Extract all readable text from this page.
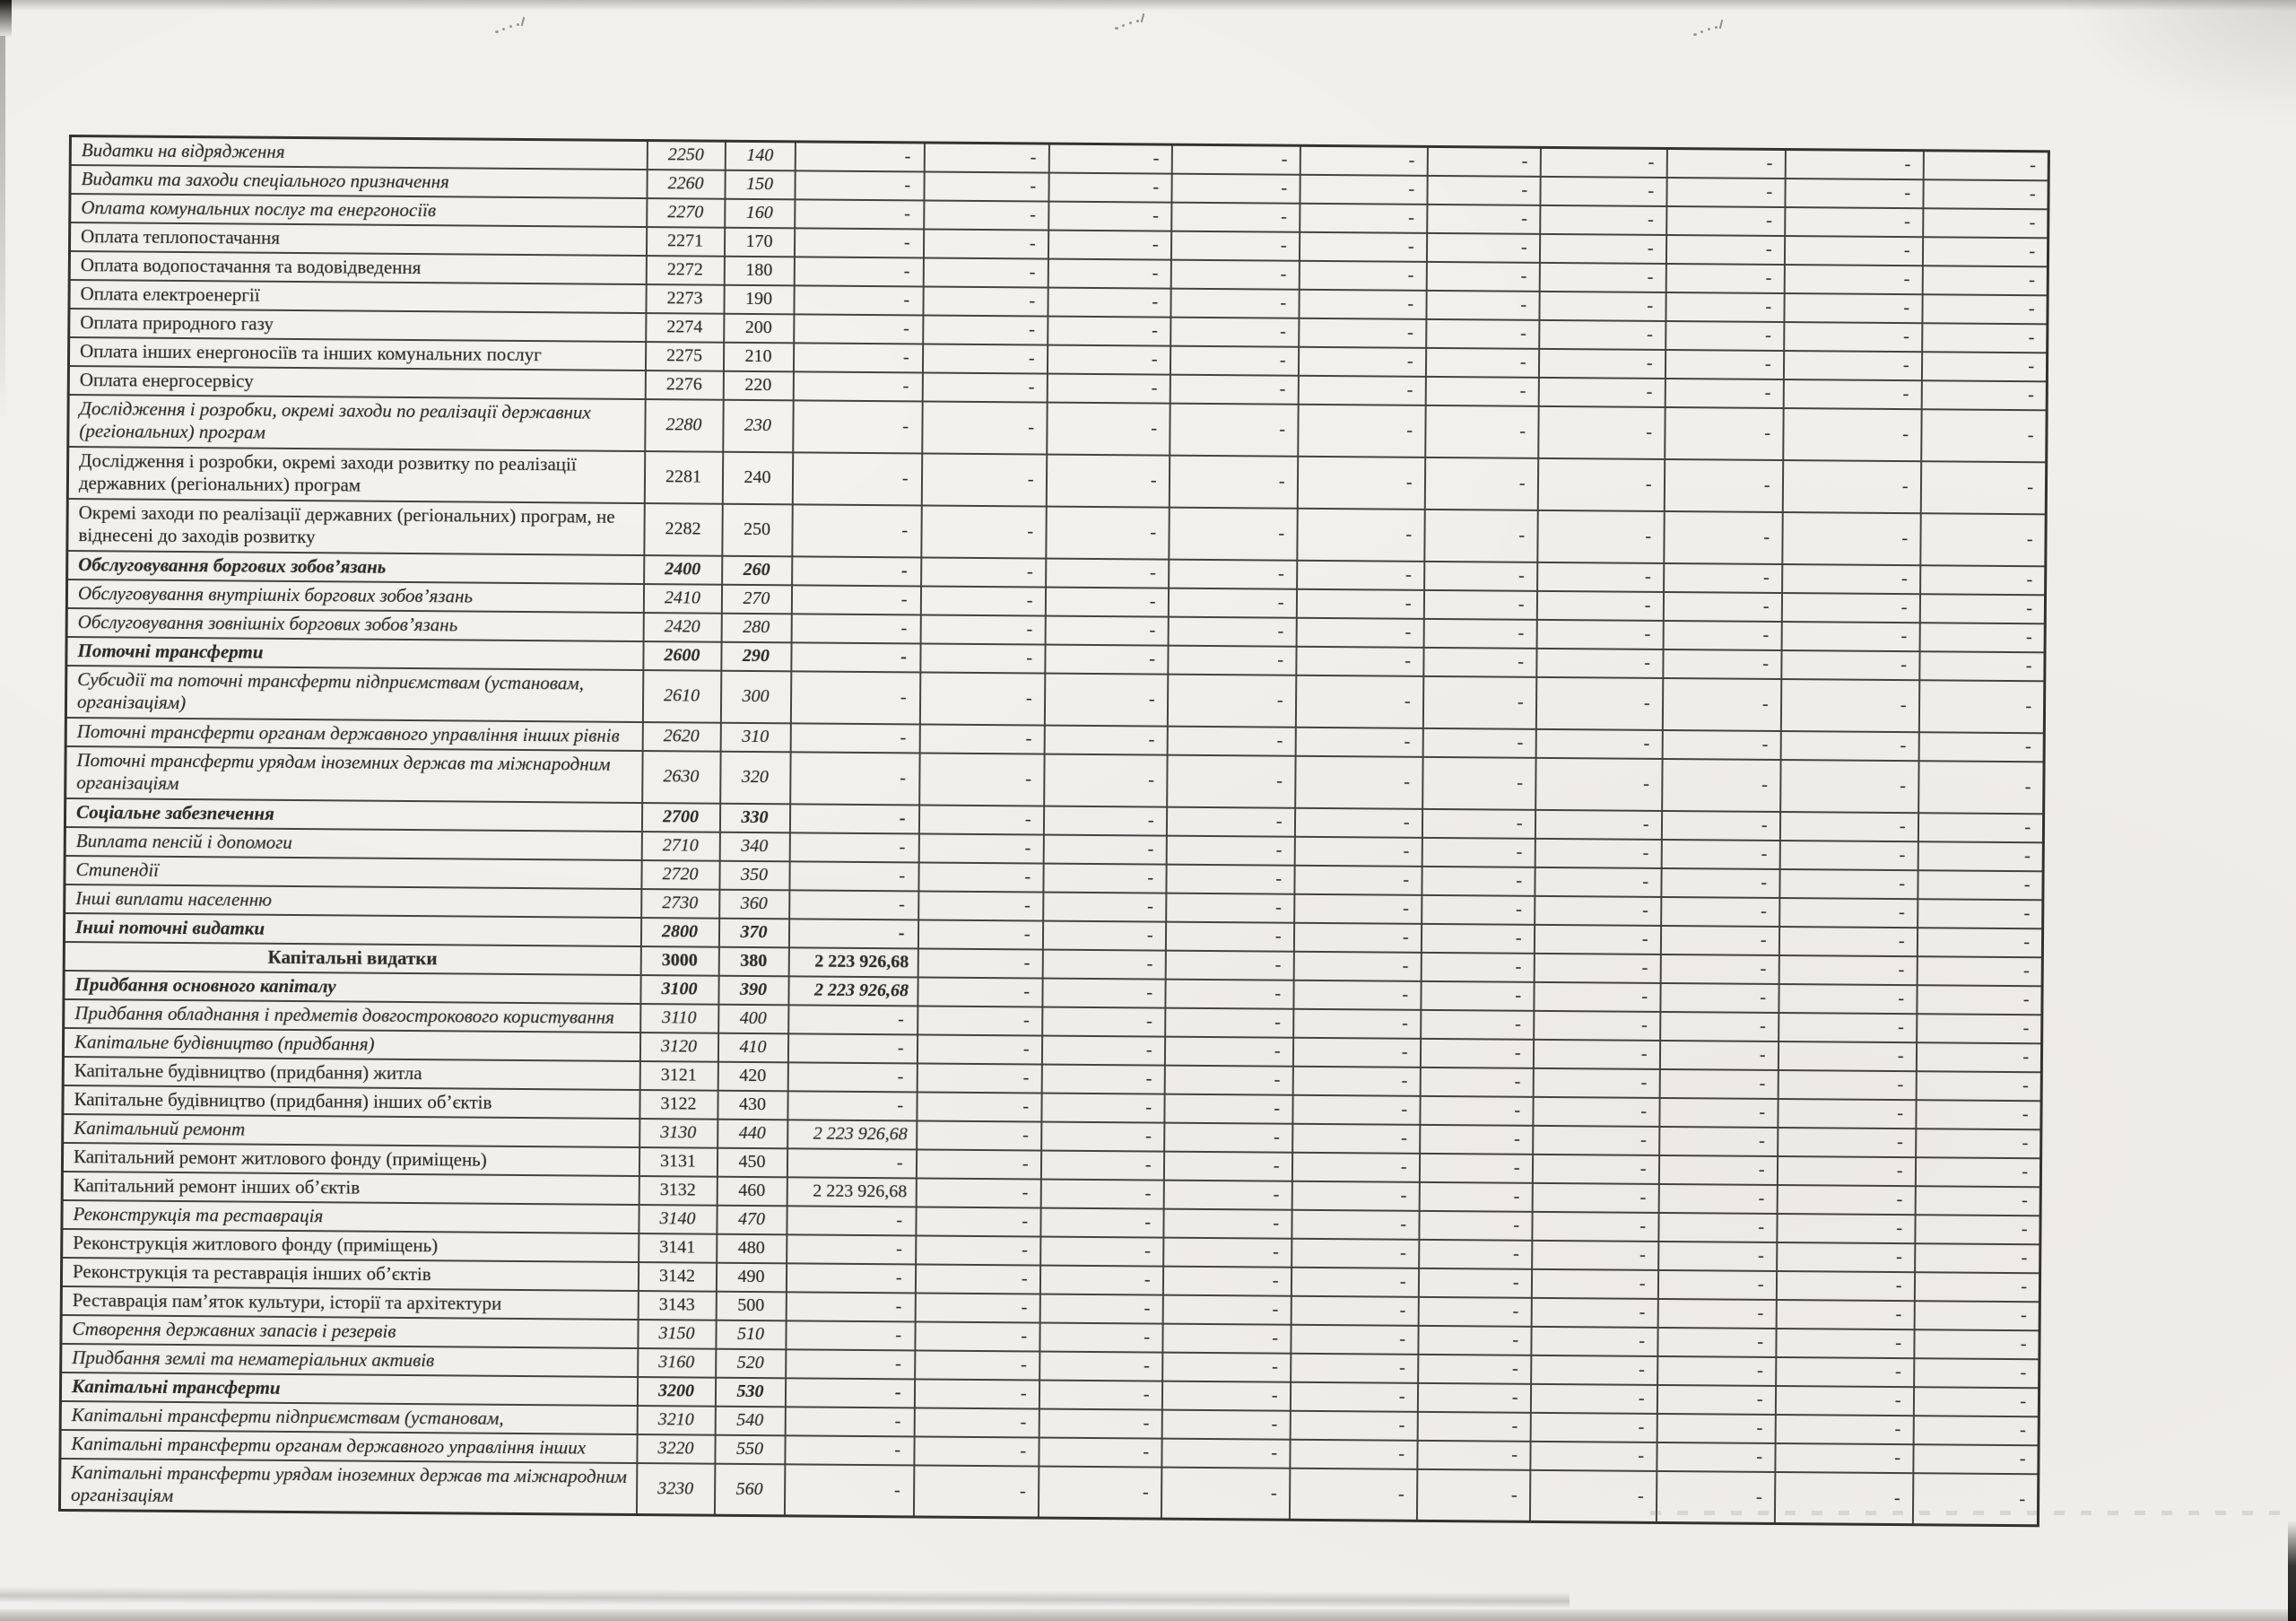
Видатки на відрядження	2250	140	-	-	-	-	-	-	-	-	-	-
Видатки та заходи спеціального призначення	2260	150	-	-	-	-	-	-	-	-	-	-
Оплата комунальних послуг та енергоносіїв	2270	160	-	-	-	-	-	-	-	-	-	-
Оплата теплопостачання	2271	170	-	-	-	-	-	-	-	-	-	-
Оплата водопостачання та водовідведення	2272	180	-	-	-	-	-	-	-	-	-	-
Оплата електроенергії	2273	190	-	-	-	-	-	-	-	-	-	-
Оплата природного газу	2274	200	-	-	-	-	-	-	-	-	-	-
Оплата інших енергоносіїв та інших комунальних послуг	2275	210	-	-	-	-	-	-	-	-	-	-
Оплата енергосервісу	2276	220	-	-	-	-	-	-	-	-	-	-
Дослідження і розробки, окремі заходи по реалізації державних (регіональних) програм	2280	230	-	-	-	-	-	-	-	-	-	-
Дослідження і розробки, окремі заходи розвитку по реалізації державних (регіональних) програм	2281	240	-	-	-	-	-	-	-	-	-	-
Окремі заходи по реалізації державних (регіональних) програм, не віднесені до заходів розвитку	2282	250	-	-	-	-	-	-	-	-	-	-
Обслуговування боргових зобов’язань	2400	260	-	-	-	-	-	-	-	-	-	-
Обслуговування внутрішніх боргових зобов’язань	2410	270	-	-	-	-	-	-	-	-	-	-
Обслуговування зовнішніх боргових зобов’язань	2420	280	-	-	-	-	-	-	-	-	-	-
Поточні трансферти	2600	290	-	-	-	-	-	-	-	-	-	-
Субсидії та поточні трансферти підприємствам (установам, організаціям)	2610	300	-	-	-	-	-	-	-	-	-	-
Поточні трансферти органам державного управління інших рівнів	2620	310	-	-	-	-	-	-	-	-	-	-
Поточні трансферти урядам іноземних держав та міжнародним організаціям	2630	320	-	-	-	-	-	-	-	-	-	-
Соціальне забезпечення	2700	330	-	-	-	-	-	-	-	-	-	-
Виплата пенсій і допомоги	2710	340	-	-	-	-	-	-	-	-	-	-
Стипендії	2720	350	-	-	-	-	-	-	-	-	-	-
Інші виплати населенню	2730	360	-	-	-	-	-	-	-	-	-	-
Інші поточні видатки	2800	370	-	-	-	-	-	-	-	-	-	-
Капітальні видатки	3000	380	2 223 926,68	-	-	-	-	-	-	-	-	-
Придбання основного капіталу	3100	390	2 223 926,68	-	-	-	-	-	-	-	-	-
Придбання обладнання і предметів довгострокового користування	3110	400	-	-	-	-	-	-	-	-	-	-
Капітальне будівництво (придбання)	3120	410	-	-	-	-	-	-	-	-	-	-
Капітальне будівництво (придбання) житла	3121	420	-	-	-	-	-	-	-	-	-	-
Капітальне будівництво (придбання) інших об’єктів	3122	430	-	-	-	-	-	-	-	-	-	-
Капітальний ремонт	3130	440	2 223 926,68	-	-	-	-	-	-	-	-	-
Капітальний ремонт житлового фонду (приміщень)	3131	450	-	-	-	-	-	-	-	-	-	-
Капітальний ремонт інших об’єктів	3132	460	2 223 926,68	-	-	-	-	-	-	-	-	-
Реконструкція та реставрація	3140	470	-	-	-	-	-	-	-	-	-	-
Реконструкція житлового фонду (приміщень)	3141	480	-	-	-	-	-	-	-	-	-	-
Реконструкція та реставрація інших об’єктів	3142	490	-	-	-	-	-	-	-	-	-	-
Реставрація пам’яток культури, історії та архітектури	3143	500	-	-	-	-	-	-	-	-	-	-
Створення державних запасів і резервів	3150	510	-	-	-	-	-	-	-	-	-	-
Придбання землі та нематеріальних активів	3160	520	-	-	-	-	-	-	-	-	-	-
Капітальні трансферти	3200	530	-	-	-	-	-	-	-	-	-	-
Капітальні трансферти підприємствам (установам,	3210	540	-	-	-	-	-	-	-	-	-	-
Капітальні трансферти органам державного управління інших	3220	550	-	-	-	-	-	-	-	-	-	-
Капітальні трансферти урядам іноземних держав та міжнародним організаціям	3230	560	-	-	-	-	-	-	-	-	-	-
